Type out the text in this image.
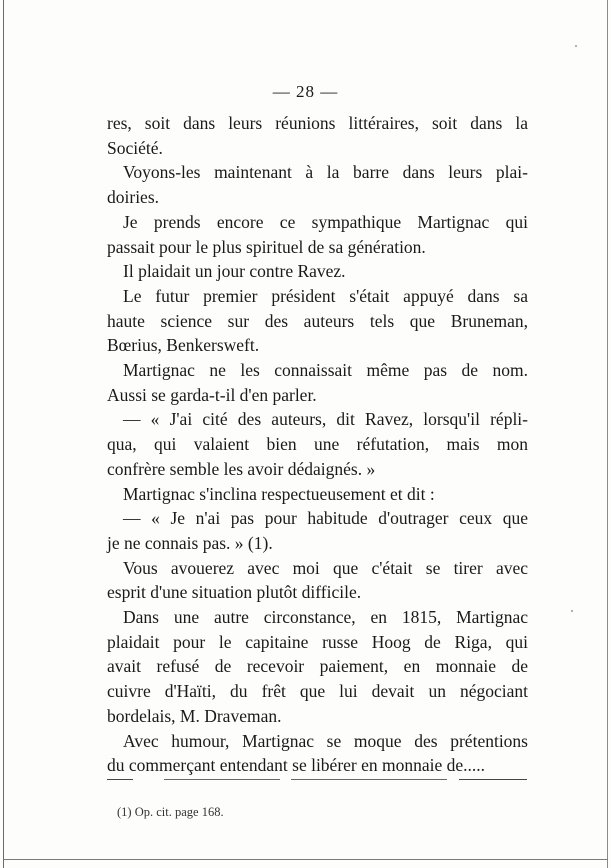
— 28 —
res, soit dans leurs réunions littéraires, soit dans la
Société.
Voyons-les maintenant à la barre dans leurs plai-
doiries.
Je prends encore ce sympathique Martignac qui
passait pour le plus spirituel de sa génération.
Il plaidait un jour contre Ravez.
Le futur premier président s'était appuyé dans sa
haute science sur des auteurs tels que Bruneman,
Bœrius, Benkersweft.
Martignac ne les connaissait même pas de nom.
Aussi se garda-t-il d'en parler.
— « J'ai cité des auteurs, dit Ravez, lorsqu'il répli-
qua, qui valaient bien une réfutation, mais mon
confrère semble les avoir dédaignés. »
Martignac s'inclina respectueusement et dit :
— « Je n'ai pas pour habitude d'outrager ceux que
je ne connais pas. » (1).
Vous avouerez avec moi que c'était se tirer avec
esprit d'une situation plutôt difficile.
Dans une autre circonstance, en 1815, Martignac
plaidait pour le capitaine russe Hoog de Riga, qui
avait refusé de recevoir paiement, en monnaie de
cuivre d'Haïti, du frêt que lui devait un négociant
bordelais, M. Draveman.
Avec humour, Martignac se moque des prétentions
du commerçant entendant se libérer en monnaie de.....
(1) Op. cit. page 168.
